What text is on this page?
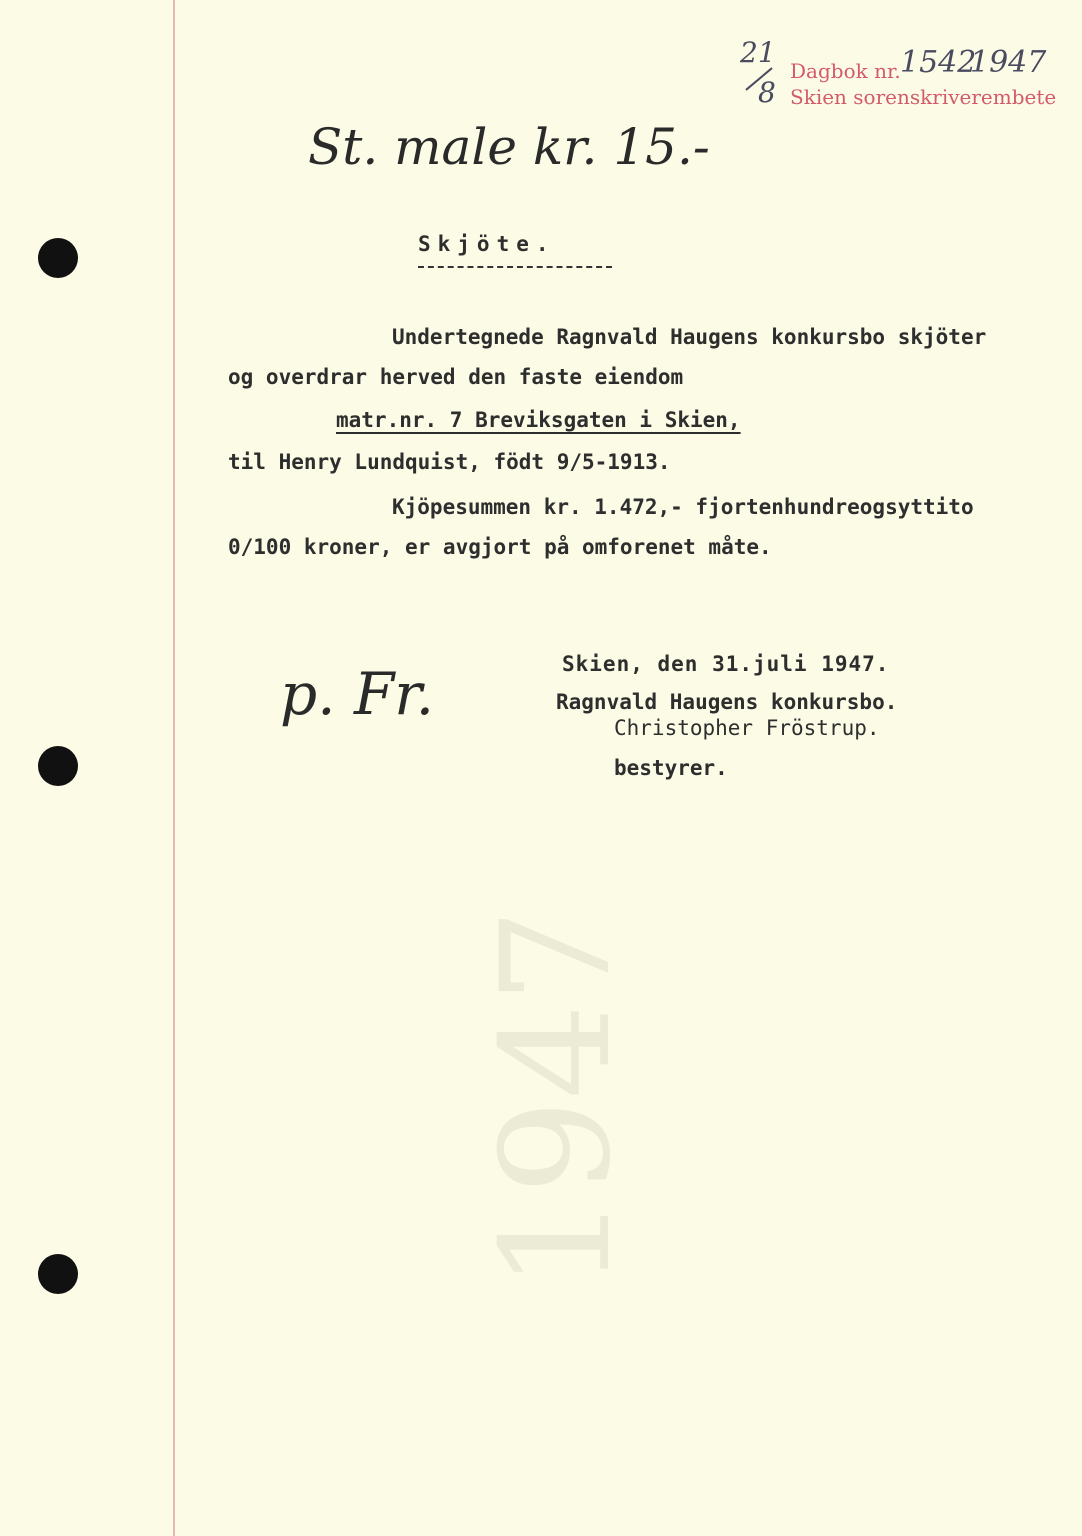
21
8
Dagbok nr. 1542
1947
Skien sorenskriverembete
St. male kr. 15.-
Skjöte.
Undertegnede Ragnvald Haugens konkursbo skjöter
og overdrar herved den faste eiendom
matr.nr. 7 Breviksgaten i Skien,
til Henry Lundquist, födt 9/5-1913.
Kjöpesummen kr. 1.472,- fjortenhundreogsyttito
0/100 kroner, er avgjort på omforenet måte.
Skien, den 31.juli 1947.
Ragnvald Haugens konkursbo.
Christopher Fröstrup.
bestyrer.
p. Fr.
1947
